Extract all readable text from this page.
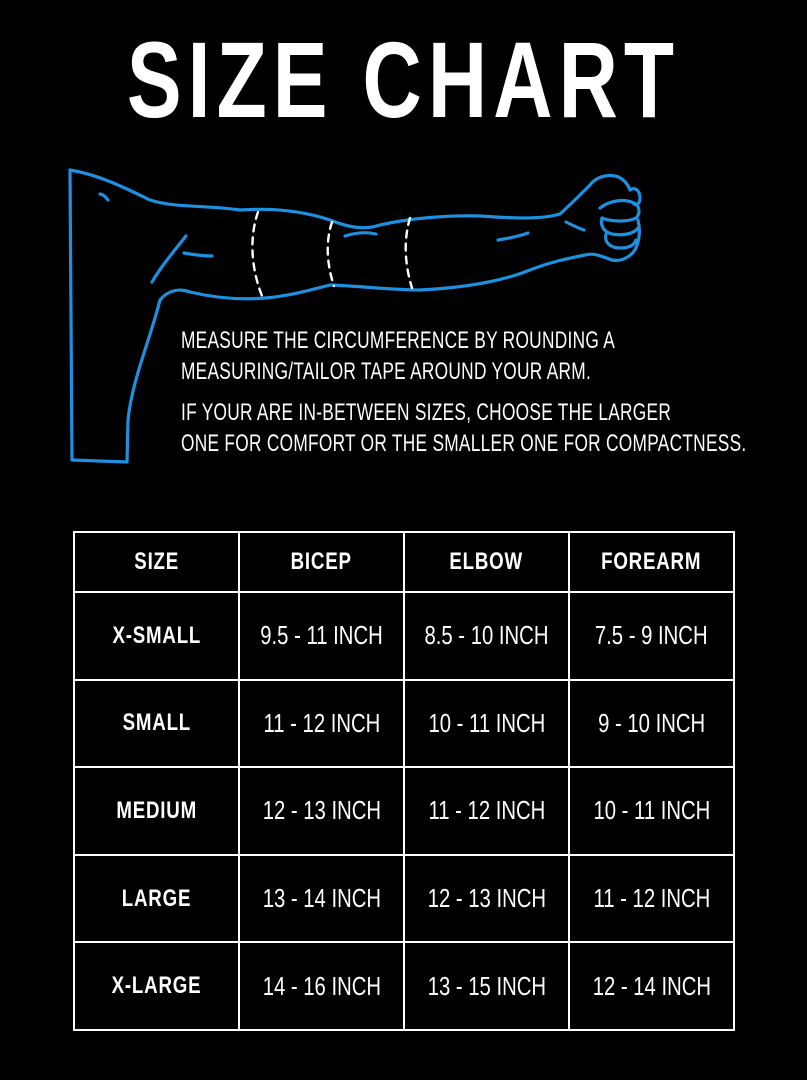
SIZE CHART

MEASURE THE CIRCUMFERENCE BY ROUNDING A
MEASURING/TAILOR TAPE AROUND YOUR ARM.

IF YOUR ARE IN-BETWEEN SIZES, CHOOSE THE LARGER
ONE FOR COMFORT OR THE SMALLER ONE FOR COMPACTNESS.

SIZE	BICEP	ELBOW	FOREARM
X-SMALL	9.5 - 11 INCH	8.5 - 10 INCH	7.5 - 9 INCH
SMALL	11 - 12 INCH	10 - 11 INCH	9 - 10 INCH
MEDIUM	12 - 13 INCH	11 - 12 INCH	10 - 11 INCH
LARGE	13 - 14 INCH	12 - 13 INCH	11 - 12 INCH
X-LARGE	14 - 16 INCH	13 - 15 INCH	12 - 14 INCH
